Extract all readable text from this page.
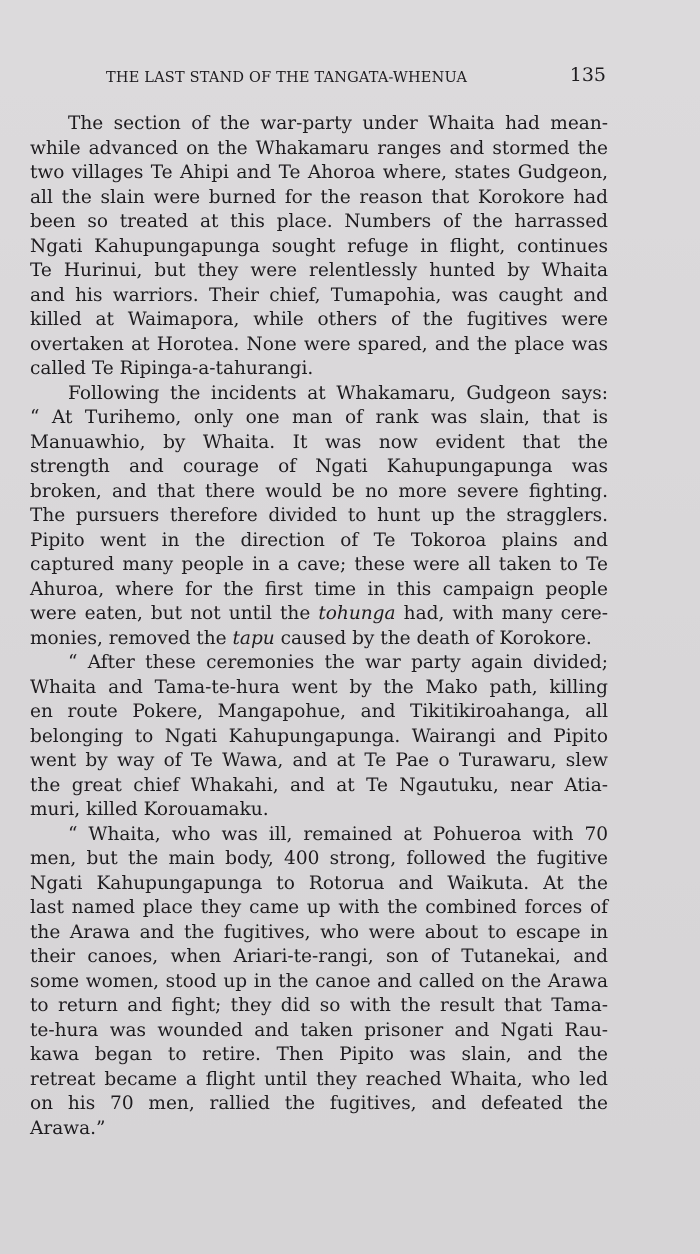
THE LAST STAND OF THE TANGATA-WHENUA	135
The section of the war-party under Whaita had mean-
while advanced on the Whakamaru ranges and stormed the
two villages Te Ahipi and Te Ahoroa where, states Gudgeon,
all the slain were burned for the reason that Korokore had
been so treated at this place. Numbers of the harrassed
Ngati Kahupungapunga sought refuge in flight, continues
Te Hurinui, but they were relentlessly hunted by Whaita
and his warriors. Their chief, Tumapohia, was caught and
killed at Waimapora, while others of the fugitives were
overtaken at Horotea. None were spared, and the place was
called Te Ripinga-a-tahurangi.
Following the incidents at Whakamaru, Gudgeon says:
“ At Turihemo, only one man of rank was slain, that is
Manuawhio, by Whaita. It was now evident that the
strength and courage of Ngati Kahupungapunga was
broken, and that there would be no more severe fighting.
The pursuers therefore divided to hunt up the stragglers.
Pipito went in the direction of Te Tokoroa plains and
captured many people in a cave; these were all taken to Te
Ahuroa, where for the first time in this campaign people
were eaten, but not until the tohunga had, with many cere-
monies, removed the tapu caused by the death of Korokore.
“ After these ceremonies the war party again divided;
Whaita and Tama-te-hura went by the Mako path, killing
en route Pokere, Mangapohue, and Tikitikiroahanga, all
belonging to Ngati Kahupungapunga. Wairangi and Pipito
went by way of Te Wawa, and at Te Pae o Turawaru, slew
the great chief Whakahi, and at Te Ngautuku, near Atia-
muri, killed Korouamaku.
“ Whaita, who was ill, remained at Pohueroa with 70
men, but the main body, 400 strong, followed the fugitive
Ngati Kahupungapunga to Rotorua and Waikuta. At the
last named place they came up with the combined forces of
the Arawa and the fugitives, who were about to escape in
their canoes, when Ariari-te-rangi, son of Tutanekai, and
some women, stood up in the canoe and called on the Arawa
to return and fight; they did so with the result that Tama-
te-hura was wounded and taken prisoner and Ngati Rau-
kawa began to retire. Then Pipito was slain, and the
retreat became a flight until they reached Whaita, who led
on his 70 men, rallied the fugitives, and defeated the
Arawa.”
